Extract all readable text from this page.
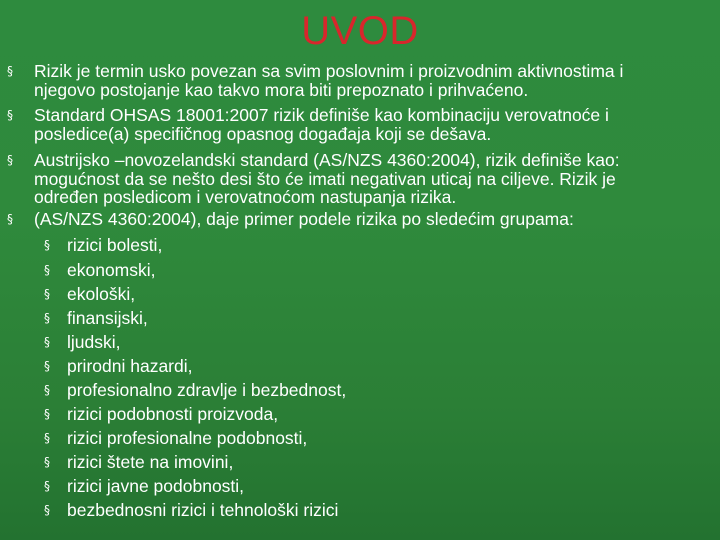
UVOD
§ Rizik je termin usko povezan sa svim poslovnim i proizvodnim aktivnostima i
njegovo postojanje kao takvo mora biti prepoznato i prihvaćeno.
§ Standard OHSAS 18001:2007 rizik definiše kao kombinaciju verovatnoće i
posledice(a) specifičnog opasnog događaja koji se dešava.
§ Austrijsko –novozelandski standard (AS/NZS 4360:2004), rizik definiše kao:
mogućnost da se nešto desi što će imati negativan uticaj na ciljeve. Rizik je
određen posledicom i verovatnoćom nastupanja rizika.
§ (AS/NZS 4360:2004), daje primer podele rizika po sledećim grupama:
§ rizici bolesti,
§ ekonomski,
§ ekološki,
§ finansijski,
§ ljudski,
§ prirodni hazardi,
§ profesionalno zdravlje i bezbednost,
§ rizici podobnosti proizvoda,
§ rizici profesionalne podobnosti,
§ rizici štete na imovini,
§ rizici javne podobnosti,
§ bezbednosni rizici i tehnološki rizici
